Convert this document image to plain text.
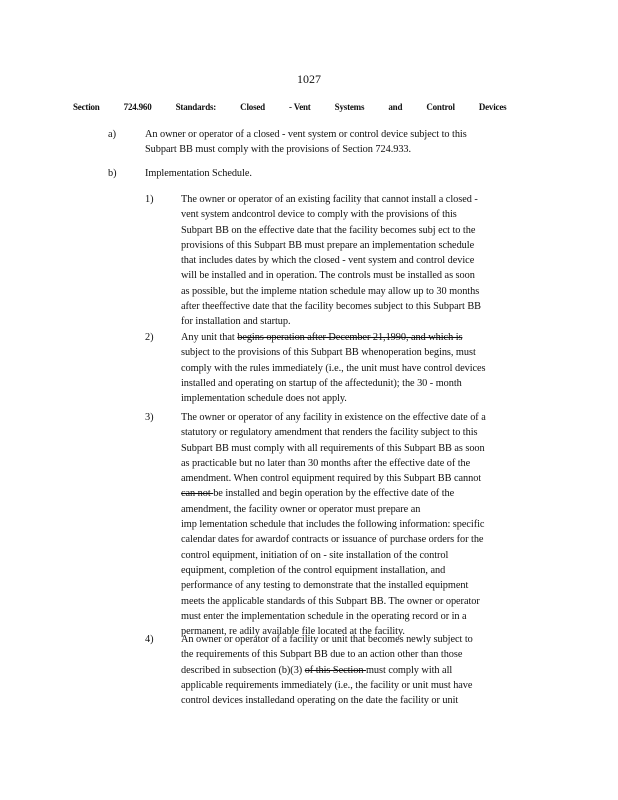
1027
Section	724.960	Standards:	Closed	- Vent	Systems	and	Control	Devices
a)	An owner or operator of a closed - vent system or control device subject to this
Subpart BB must comply with the provisions of Section 724.933.
b)	Implementation Schedule.
1)	The owner or operator of an existing facility that cannot install a closed -
vent system andcontrol device to comply with the provisions of this
Subpart BB on the effective date that the facility becomes subj ect to the
provisions of this Subpart BB must prepare an implementation schedule
that includes dates by which the closed - vent system and control device
will be installed and in operation. The controls must be installed as soon
as possible, but the impleme ntation schedule may allow up to 30 months
after theeffective date that the facility becomes subject to this Subpart BB
for installation and startup.
2)	Any unit that begins operation after December 21,1990, and which is
subject to the provisions of this Subpart BB whenoperation begins, must
comply with the rules immediately (i.e., the unit must have control devices
installed and operating on startup of the affectedunit); the 30 - month
implementation schedule does not apply.
3)	The owner or operator of any facility in existence on the effective date of a
statutory or regulatory amendment that renders the facility subject to this
Subpart BB must comply with all requirements of this Subpart BB as soon
as practicable but no later than 30 months after the effective date of the
amendment. When control equipment required by this Subpart BB cannot
can not be installed and begin operation by the effective date of the
amendment, the facility owner or operator must prepare an
imp lementation schedule that includes the following information: specific
calendar dates for awardof contracts or issuance of purchase orders for the
control equipment, initiation of on - site installation of the control
equipment, completion of the control equipment installation, and
performance of any testing to demonstrate that the installed equipment
meets the applicable standards of this Subpart BB. The owner or operator
must enter the implementation schedule in the operating record or in a
permanent, re adily available file located at the facility.
4)	An owner or operator of a facility or unit that becomes newly subject to
the requirements of this Subpart BB due to an action other than those
described in subsection (b)(3) of this Section must comply with all
applicable requirements immediately (i.e., the facility or unit must have
control devices installedand operating on the date the facility or unit
